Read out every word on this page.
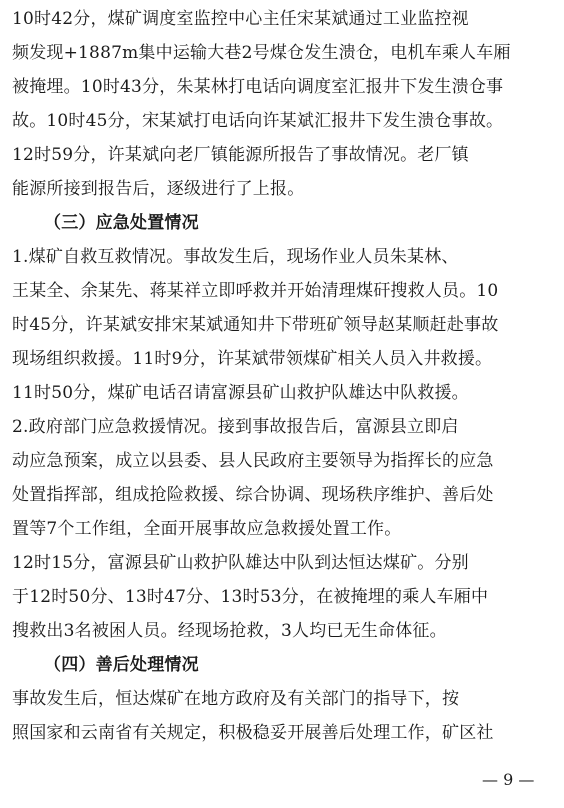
10时42分，煤矿调度室监控中心主任宋某斌通过工业监控视
频发现+1887m集中运输大巷2号煤仓发生溃仓，电机车乘人车厢
被掩埋。10时43分，朱某林打电话向调度室汇报井下发生溃仓事
故。10时45分，宋某斌打电话向许某斌汇报井下发生溃仓事故。
12时59分，许某斌向老厂镇能源所报告了事故情况。老厂镇
能源所接到报告后，逐级进行了上报。
（三）应急处置情况
1.煤矿自救互救情况。事故发生后，现场作业人员朱某林、
王某全、余某先、蒋某祥立即呼救并开始清理煤矸搜救人员。10
时45分，许某斌安排宋某斌通知井下带班矿领导赵某顺赶赴事故
现场组织救援。11时9分，许某斌带领煤矿相关人员入井救援。
11时50分，煤矿电话召请富源县矿山救护队雄达中队救援。
2.政府部门应急救援情况。接到事故报告后，富源县立即启
动应急预案，成立以县委、县人民政府主要领导为指挥长的应急
处置指挥部，组成抢险救援、综合协调、现场秩序维护、善后处
置等7个工作组，全面开展事故应急救援处置工作。
12时15分，富源县矿山救护队雄达中队到达恒达煤矿。分别
于12时50分、13时47分、13时53分，在被掩埋的乘人车厢中
搜救出3名被困人员。经现场抢救，3人均已无生命体征。
（四）善后处理情况
事故发生后，恒达煤矿在地方政府及有关部门的指导下，按
照国家和云南省有关规定，积极稳妥开展善后处理工作，矿区社
— 9 —
